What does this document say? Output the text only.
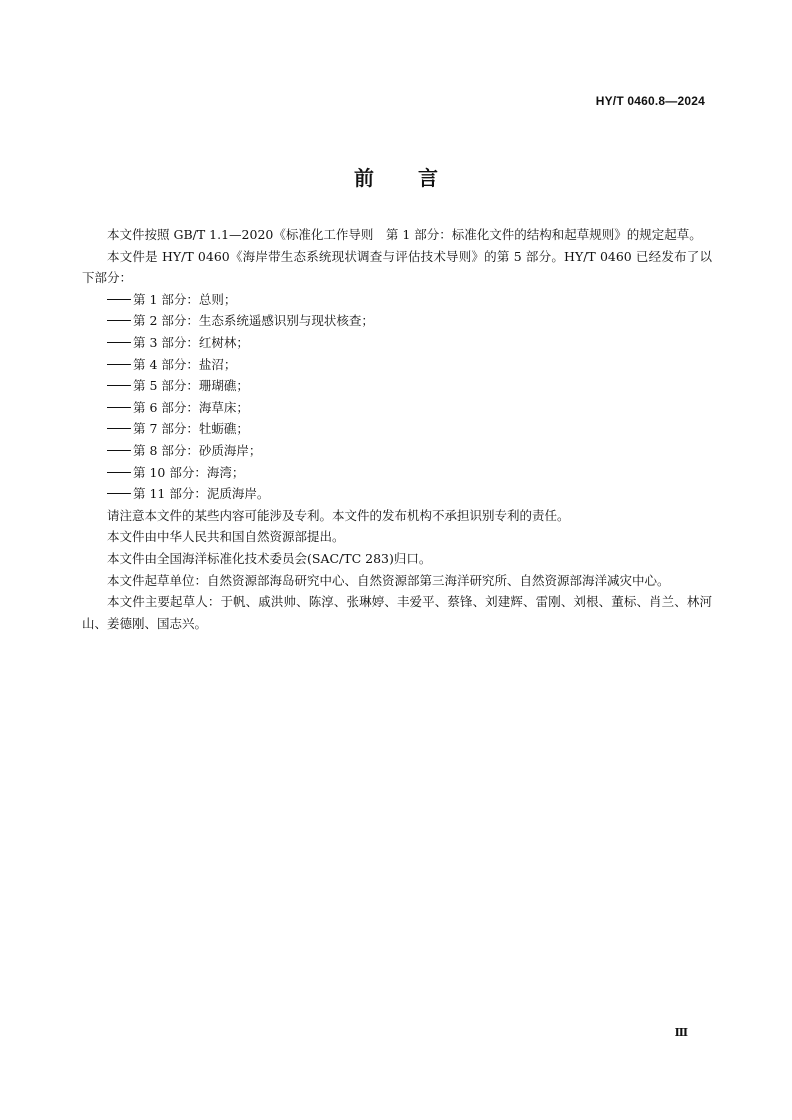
HY/T 0460.8—2024
前 言

本文件按照 GB/T 1.1—2020《标准化工作导则　第 1 部分：标准化文件的结构和起草规则》的规定起草。

本文件是 HY/T 0460《海岸带生态系统现状调查与评估技术导则》的第 5 部分。HY/T 0460 已经发布了以下部分：

第 1 部分：总则；

第 2 部分：生态系统遥感识别与现状核查；

第 3 部分：红树林；

第 4 部分：盐沼；

第 5 部分：珊瑚礁；

第 6 部分：海草床；

第 7 部分：牡蛎礁；

第 8 部分：砂质海岸；

第 10 部分：海湾；

第 11 部分：泥质海岸。

请注意本文件的某些内容可能涉及专利。本文件的发布机构不承担识别专利的责任。

本文件由中华人民共和国自然资源部提出。

本文件由全国海洋标准化技术委员会(SAC/TC 283)归口。

本文件起草单位：自然资源部海岛研究中心、自然资源部第三海洋研究所、自然资源部海洋减灾中心。

本文件主要起草人：于帆、戚洪帅、陈淳、张琳婷、丰爱平、蔡锋、刘建辉、雷刚、刘根、董标、肖兰、林河山、姜德刚、国志兴。

Ⅲ
